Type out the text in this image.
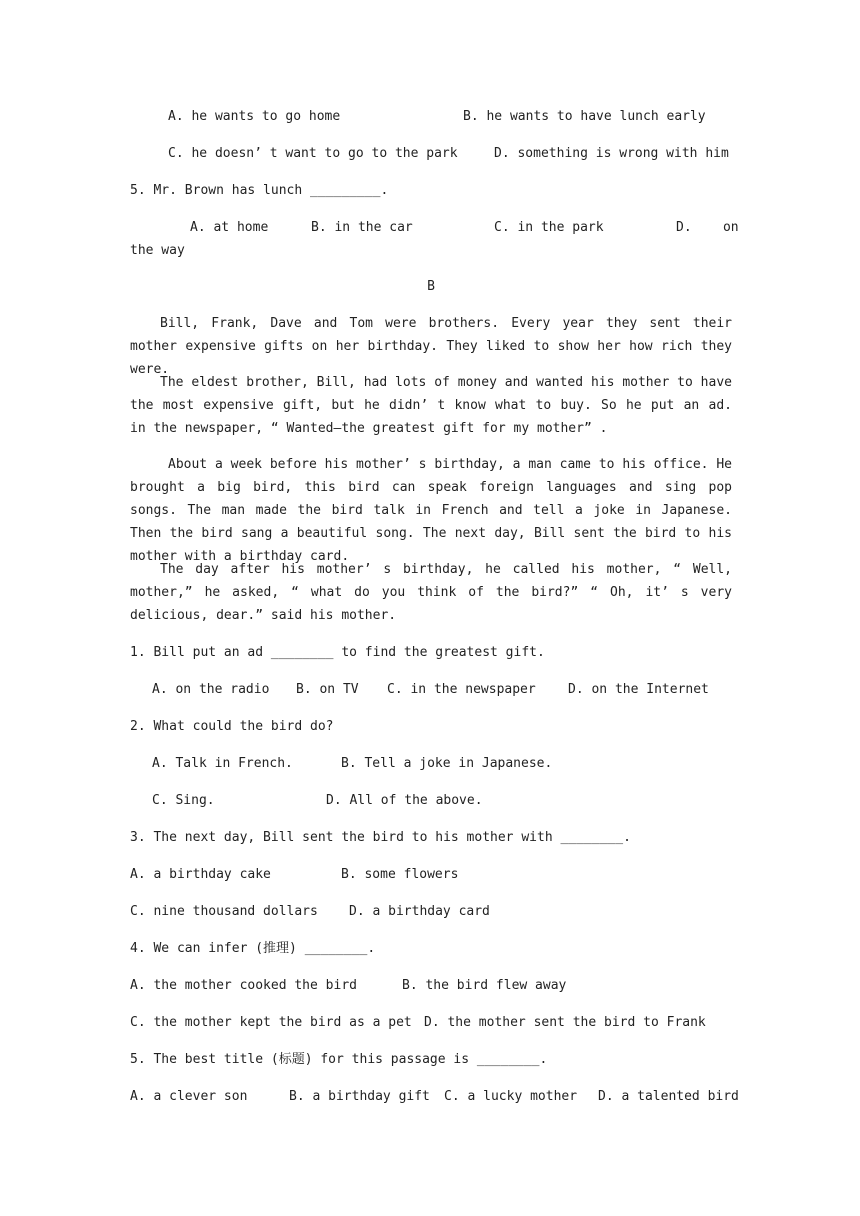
A. he wants to go home	B. he wants to have lunch early
C. he doesn’ t want to go to the park	D. something is wrong with him
5. Mr. Brown has lunch _________.
A. at home	B. in the car	C. in the park	D.    on
the way
B
Bill, Frank, Dave and Tom were brothers. Every year they sent their mother expensive gifts on her birthday. They liked to show her how rich they were.
The eldest brother, Bill, had lots of money and wanted his mother to have the most expensive gift, but he didn’ t know what to buy. So he put an ad. in the newspaper, “ Wanted—the greatest gift for my mother” .
About a week before his mother’ s birthday, a man came to his office. He brought a big bird, this bird can speak foreign languages and sing pop songs. The man made the bird talk in French and tell a joke in Japanese. Then the bird sang a beautiful song. The next day, Bill sent the bird to his mother with a birthday card.
The day after his mother’ s birthday, he called his mother, “ Well, mother,” he asked, “ what do you think of the bird?” “ Oh, it’ s very delicious, dear.” said his mother.
1. Bill put an ad ________ to find the greatest gift.
A. on the radio B. on TV C. in the newspaper D. on the Internet
2. What could the bird do?
A. Talk in French.	B. Tell a joke in Japanese.
C. Sing.	D. All of the above.
3. The next day, Bill sent the bird to his mother with ________.
A. a birthday cake	B. some flowers
C. nine thousand dollars D. a birthday card
4. We can infer (推理) ________.
A. the mother cooked the bird	B. the bird flew away
C. the mother kept the bird as a pet D. the mother sent the bird to Frank
5. The best title (标题) for this passage is ________.
A. a clever son	B. a birthday gift C. a lucky mother D. a talented bird
